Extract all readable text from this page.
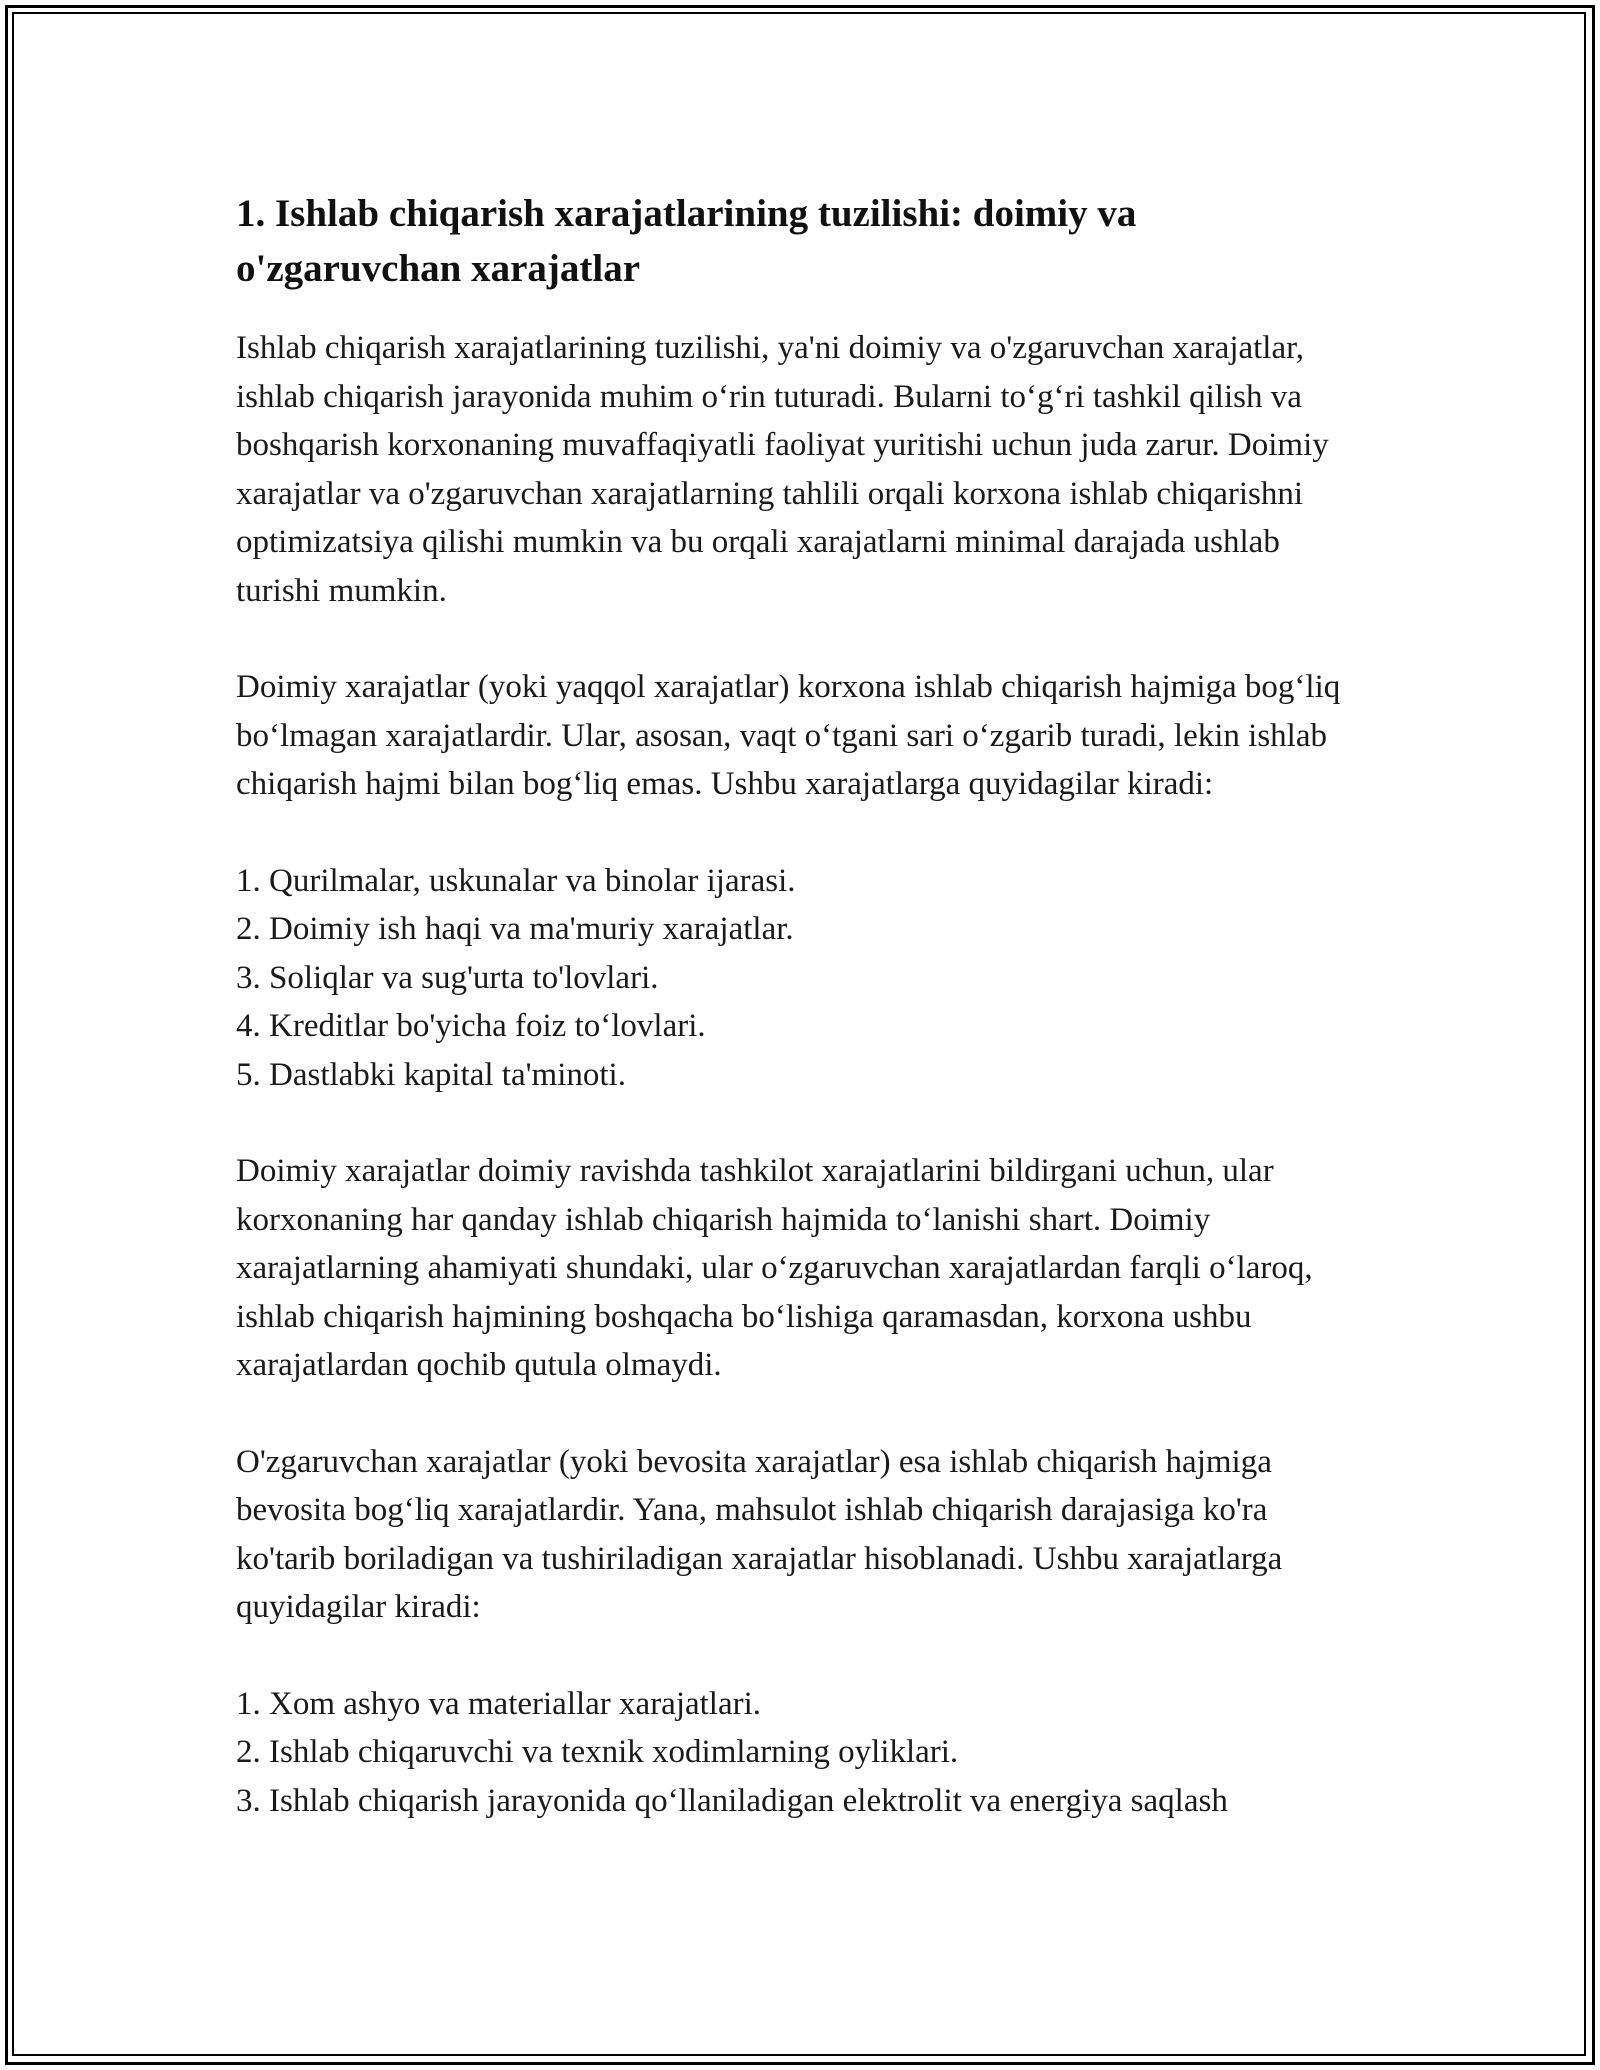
1. Ishlab chiqarish xarajatlarining tuzilishi: doimiy va o'zgaruvchan xarajatlar

Ishlab chiqarish xarajatlarining tuzilishi, ya'ni doimiy va o'zgaruvchan xarajatlar, ishlab chiqarish jarayonida muhim o‘rin tuturadi. Bularni to‘g‘ri tashkil qilish va boshqarish korxonaning muvaffaqiyatli faoliyat yuritishi uchun juda zarur. Doimiy xarajatlar va o'zgaruvchan xarajatlarning tahlili orqali korxona ishlab chiqarishni optimizatsiya qilishi mumkin va bu orqali xarajatlarni minimal darajada ushlab turishi mumkin.

Doimiy xarajatlar (yoki yaqqol xarajatlar) korxona ishlab chiqarish hajmiga bog‘liq bo‘lmagan xarajatlardir. Ular, asosan, vaqt o‘tgani sari o‘zgarib turadi, lekin ishlab chiqarish hajmi bilan bog‘liq emas. Ushbu xarajatlarga quyidagilar kiradi:

1. Qurilmalar, uskunalar va binolar ijarasi.
2. Doimiy ish haqi va ma'muriy xarajatlar.
3. Soliqlar va sug'urta to'lovlari.
4. Kreditlar bo'yicha foiz to‘lovlari.
5. Dastlabki kapital ta'minoti.

Doimiy xarajatlar doimiy ravishda tashkilot xarajatlarini bildirgani uchun, ular korxonaning har qanday ishlab chiqarish hajmida to‘lanishi shart. Doimiy xarajatlarning ahamiyati shundaki, ular o‘zgaruvchan xarajatlardan farqli o‘laroq, ishlab chiqarish hajmining boshqacha bo‘lishiga qaramasdan, korxona ushbu xarajatlardan qochib qutula olmaydi.

O'zgaruvchan xarajatlar (yoki bevosita xarajatlar) esa ishlab chiqarish hajmiga bevosita bog‘liq xarajatlardir. Yana, mahsulot ishlab chiqarish darajasiga ko'ra ko'tarib boriladigan va tushiriladigan xarajatlar hisoblanadi. Ushbu xarajatlarga quyidagilar kiradi:

1. Xom ashyo va materiallar xarajatlari.
2. Ishlab chiqaruvchi va texnik xodimlarning oyliklari.
3. Ishlab chiqarish jarayonida qo‘llaniladigan elektrolit va energiya saqlash
